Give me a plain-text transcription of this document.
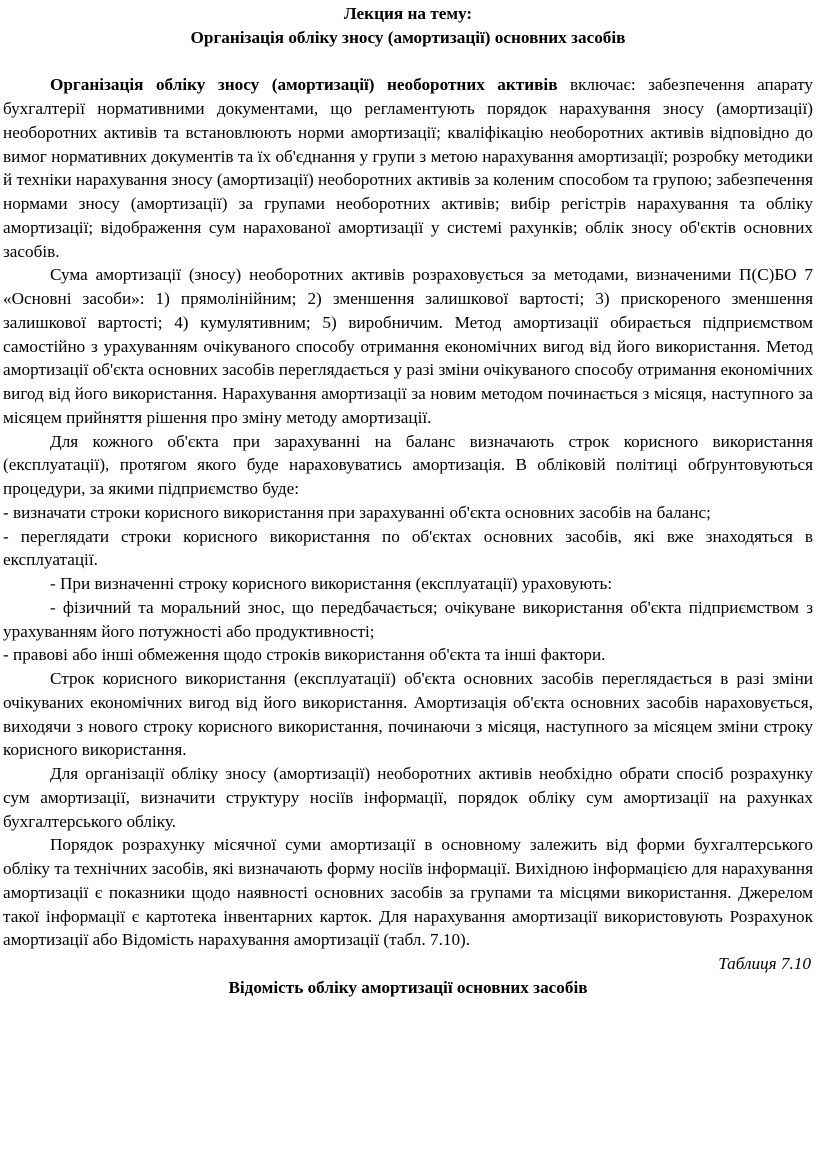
Лекция на тему:
Організація обліку зносу (амортизації) основних засобів

Організація обліку зносу (амортизації) необоротних активів включає: забезпечення апарату бухгалтерії нормативними документами, що регламентують порядок нарахування зносу (амортизації) необоротних активів та встановлюють норми амортизації; кваліфікацію необоротних активів відповідно до вимог нормативних документів та їх об'єднання у групи з метою нарахування амортизації; розробку методики й техніки нарахування зносу (амортизації) необоротних активів за коленим способом та групою; забезпечення нормами зносу (амортизації) за групами необоротних активів; вибір регістрів нарахування та обліку амортизації; відображення сум нарахованої амортизації у системі рахунків; облік зносу об'єктів основних засобів.

Сума амортизації (зносу) необоротних активів розраховується за методами, визначеними П(С)БО 7 «Основні засоби»: 1) прямолінійним; 2) зменшення залишкової вартості; 3) прискореного зменшення залишкової вартості; 4) кумулятивним; 5) виробничим. Метод амортизації обирається підприємством самостійно з урахуванням очікуваного способу отримання економічних вигод від його використання. Метод амортизації об'єкта основних засобів переглядається у разі зміни очікуваного способу отримання економічних вигод від його використання. Нарахування амортизації за новим методом починається з місяця, наступного за місяцем прийняття рішення про зміну методу амортизації.

Для кожного об'єкта при зарахуванні на баланс визначають строк корисного використання (експлуатації), протягом якого буде нараховуватись амортизація. В обліковій політиці обґрунтовуються процедури, за якими підприємство буде:

- визначати строки корисного використання при зарахуванні об'єкта основних засобів на баланс;

- переглядати строки корисного використання по об'єктах основних засобів, які вже знаходяться в експлуатації.

- При визначенні строку корисного використання (експлуатації) ураховують:

- фізичний та моральний знос, що передбачається; очікуване використання об'єкта підприємством з урахуванням його потужності або продуктивності;

- правові або інші обмеження щодо строків використання об'єкта та інші фактори.

Строк корисного використання (експлуатації) об'єкта основних засобів переглядається в разі зміни очікуваних економічних вигод від його використання. Амортизація об'єкта основних засобів нараховується, виходячи з нового строку корисного використання, починаючи з місяця, наступного за місяцем зміни строку корисного використання.

Для організації обліку зносу (амортизації) необоротних активів необхідно обрати спосіб розрахунку сум амортизації, визначити структуру носіїв інформації, порядок обліку сум амортизації на рахунках бухгалтерського обліку.

Порядок розрахунку місячної суми амортизації в основному залежить від форми бухгалтерського обліку та технічних засобів, які визначають форму носіїв інформації. Вихідною інформацією для нарахування амортизації є показники щодо наявності основних засобів за групами та місцями використання. Джерелом такої інформації є картотека інвентарних карток. Для нарахування амортизації використовують Розрахунок амортизації або Відомість нарахування амортизації (табл. 7.10).

Таблиця 7.10
Відомість обліку амортизації основних засобів
